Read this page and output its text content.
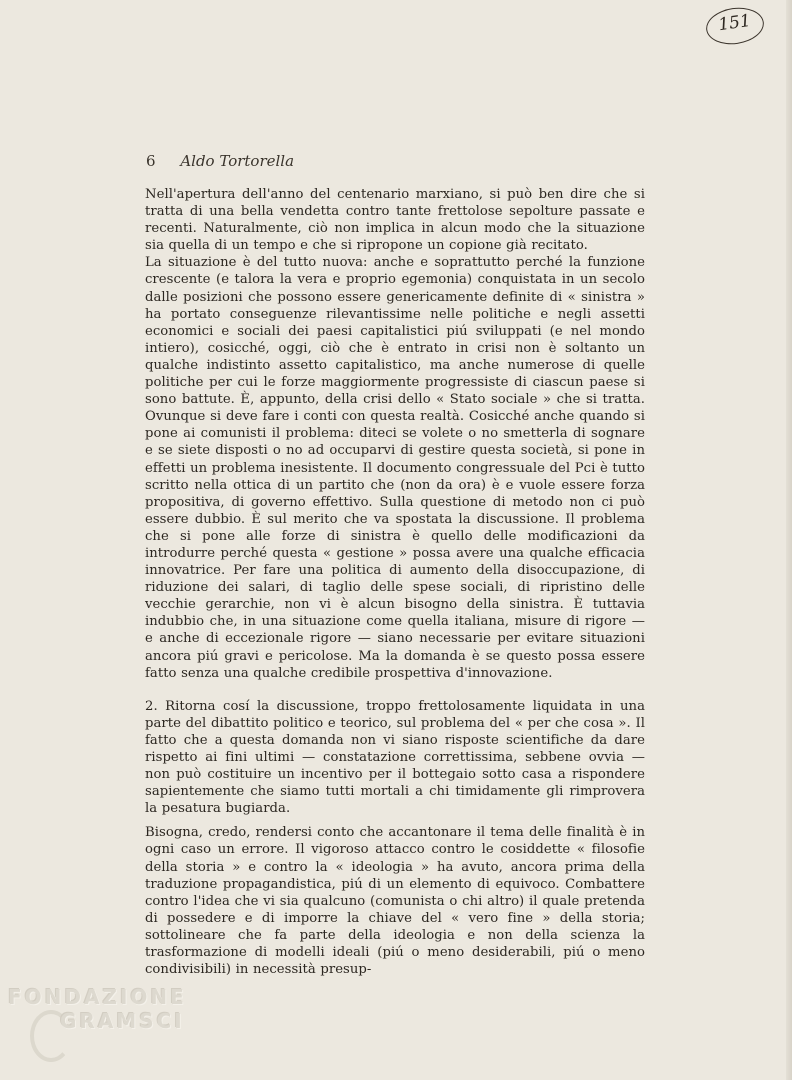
151
6 Aldo Tortorella

Nell'apertura dell'anno del centenario marxiano, si può ben dire che si tratta di una bella vendetta contro tante frettolose sepolture passate e recenti. Naturalmente, ciò non implica in alcun modo che la situazione sia quella di un tempo e che si ripropone un copione già recitato.

La situazione è del tutto nuova: anche e soprattutto perché la funzione crescente (e talora la vera e proprio egemonia) conquistata in un secolo dalle posizioni che possono essere genericamente definite di « sinistra » ha portato conseguenze rilevantissime nelle politiche e negli assetti economici e sociali dei paesi capitalistici piú sviluppati (e nel mondo intiero), cosicché, oggi, ciò che è entrato in crisi non è soltanto un qualche indistinto assetto capitalistico, ma anche numerose di quelle politiche per cui le forze maggiormente progressiste di ciascun paese si sono battute. È, appunto, della crisi dello « Stato sociale » che si tratta. Ovunque si deve fare i conti con questa realtà. Cosicché anche quando si pone ai comunisti il problema: diteci se volete o no smetterla di sognare e se siete disposti o no ad occuparvi di gestire questa società, si pone in effetti un problema inesistente. Il documento congressuale del Pci è tutto scritto nella ottica di un partito che (non da ora) è e vuole essere forza propositiva, di governo effettivo. Sulla questione di metodo non ci può essere dubbio. È sul merito che va spostata la discussione. Il problema che si pone alle forze di sinistra è quello delle modificazioni da introdurre perché questa « gestione » possa avere una qualche efficacia innovatrice. Per fare una politica di aumento della disoccupazione, di riduzione dei salari, di taglio delle spese sociali, di ripristino delle vecchie gerarchie, non vi è alcun bisogno della sinistra. È tuttavia indubbio che, in una situazione come quella italiana, misure di rigore — e anche di eccezionale rigore — siano necessarie per evitare situazioni ancora piú gravi e pericolose. Ma la domanda è se questo possa essere fatto senza una qualche credibile prospettiva d'innovazione.

2. Ritorna cosí la discussione, troppo frettolosamente liquidata in una parte del dibattito politico e teorico, sul problema del « per che cosa ». Il fatto che a questa domanda non vi siano risposte scientifiche da dare rispetto ai fini ultimi — constatazione correttissima, sebbene ovvia — non può costituire un incentivo per il bottegaio sotto casa a rispondere sapientemente che siamo tutti mortali a chi timidamente gli rimprovera la pesatura bugiarda.

Bisogna, credo, rendersi conto che accantonare il tema delle finalità è in ogni caso un errore. Il vigoroso attacco contro le cosiddette « filosofie della storia » e contro la « ideologia » ha avuto, ancora prima della traduzione propagandistica, piú di un elemento di equivoco. Combattere contro l'idea che vi sia qualcuno (comunista o chi altro) il quale pretenda di possedere e di imporre la chiave del « vero fine » della storia; sottolineare che fa parte della ideologia e non della scienza la trasformazione di modelli ideali (piú o meno desiderabili, piú o meno condivisibili) in necessità presup-

FONDAZIONE
GRAMSCI
